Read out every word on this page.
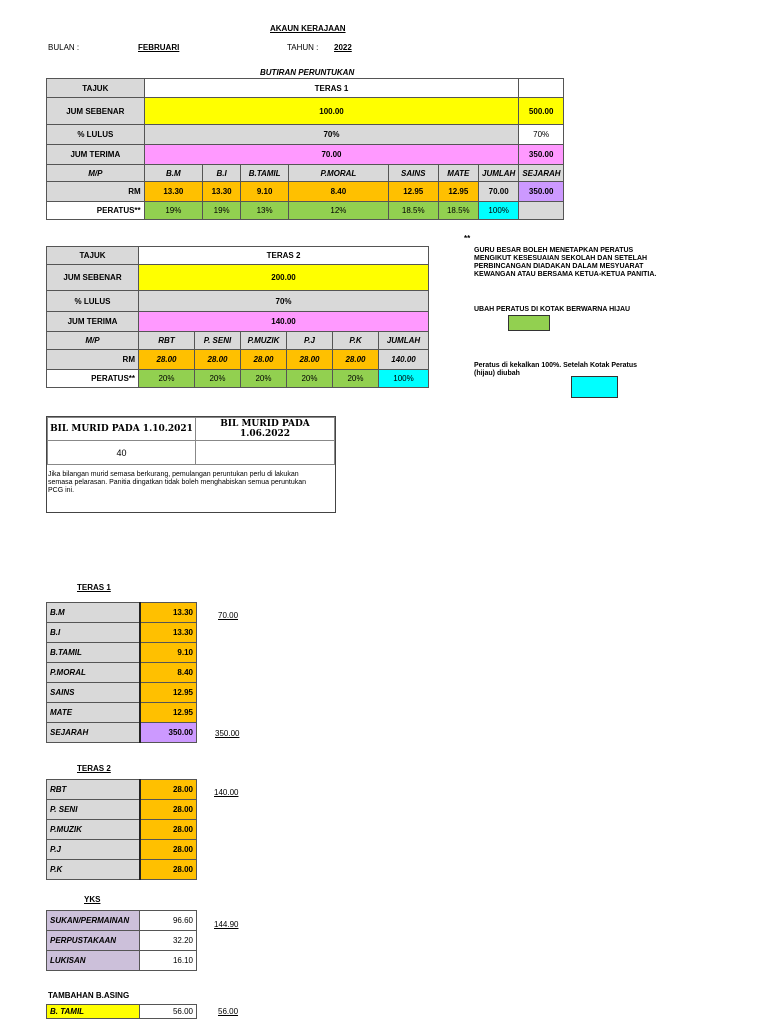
AKAUN KERAJAAN
BULAN :	FEBRUARI	TAHUN : 2022
BUTIRAN PERUNTUKAN
TAJUK	TERAS 1							
JUM SEBENAR	100.00							500.00
% LULUS	70%							70%
JUM TERIMA	70.00							350.00
M/P	B.M	B.I	B.TAMIL	P.MORAL	SAINS	MATE	JUMLAH	SEJARAH
RM	13.30	13.30	9.10	8.40	12.95	12.95	70.00	350.00
PERATUS**	19%	19%	13%	12%	18.5%	18.5%	100%	
TAJUK	TERAS 2					
JUM SEBENAR	200.00					
% LULUS	70%					
JUM TERIMA	140.00					
M/P	RBT	P. SENI	P.MUZIK	P.J	P.K	JUMLAH
RM	28.00	28.00	28.00	28.00	28.00	140.00
PERATUS**	20%	20%	20%	20%	20%	100%
**
GURU BESAR BOLEH MENETAPKAN PERATUS MENGIKUT KESESUAIAN SEKOLAH DAN SETELAH PERBINCANGAN DIADAKAN DALAM MESYUARAT KEWANGAN ATAU BERSAMA KETUA-KETUA PANITIA.
UBAH PERATUS DI KOTAK BERWARNA HIJAU
Peratus di kekalkan 100%. Setelah Kotak Peratus (hijau) diubah
BIL MURID PADA 1.10.2021	BIL MURID PADA 1.06.2022
40	
Jika bilangan murid semasa berkurang, pemulangan peruntukan perlu di lakukan semasa pelarasan. Panitia dingatkan tidak boleh menghabiskan semua peruntukan PCG ini.
TERAS 1
B.M	13.30
B.I	13.30
B.TAMIL	9.10
P.MORAL	8.40
SAINS	12.95
MATE	12.95
SEJARAH	350.00
70.00
350.00
TERAS 2
RBT	28.00
P. SENI	28.00
P.MUZIK	28.00
P.J	28.00
P.K	28.00
140.00
YKS
SUKAN/PERMAINAN	96.60
PERPUSTAKAAN	32.20
LUKISAN	16.10
144.90
TAMBAHAN B.ASING
B. TAMIL	56.00	56.00
